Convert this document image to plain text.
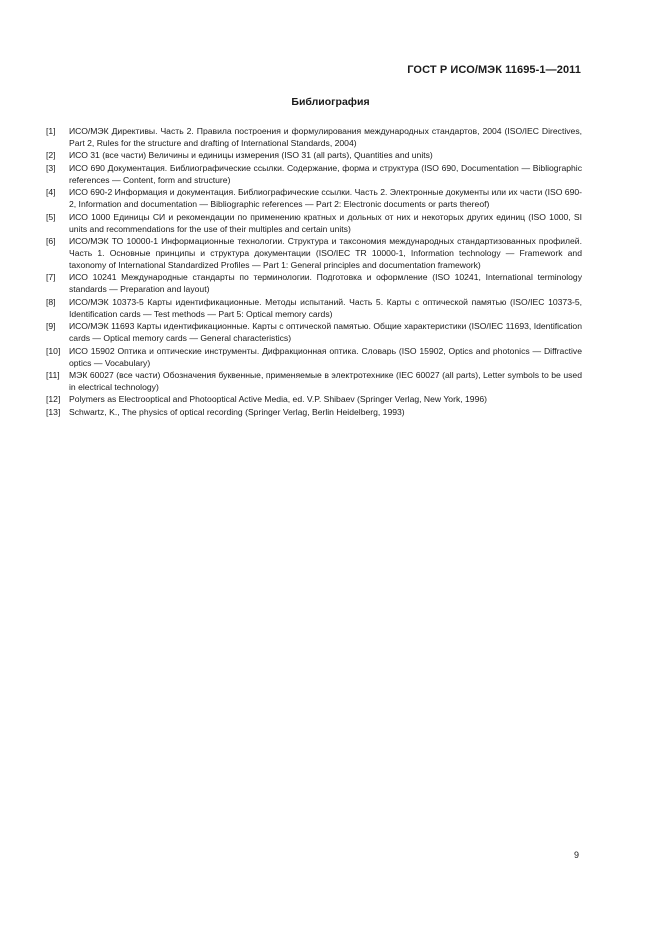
ГОСТ Р ИСО/МЭК 11695-1—2011
Библиография
[1]	ИСО/МЭК Директивы. Часть 2. Правила построения и формулирования международных стандартов, 2004 (ISO/IEC Directives, Part 2, Rules for the structure and drafting of International Standards, 2004)
[2]	ИСО 31 (все части) Величины и единицы измерения (ISO 31 (all parts), Quantities and units)
[3]	ИСО 690 Документация. Библиографические ссылки. Содержание, форма и структура (ISO 690, Documentation — Bibliographic references — Content, form and structure)
[4]	ИСО 690-2 Информация и документация. Библиографические ссылки. Часть 2. Электронные документы или их части (ISO 690-2, Information and documentation — Bibliographic references — Part 2: Electronic documents or parts thereof)
[5]	ИСО 1000 Единицы СИ и рекомендации по применению кратных и дольных от них и некоторых других единиц (ISO 1000, SI units and recommendations for the use of their multiples and certain units)
[6]	ИСО/МЭК ТО 10000-1 Информационные технологии. Структура и таксономия международных стандартизованных профилей. Часть 1. Основные принципы и структура документации (ISO/IEC TR 10000-1, Information technology — Framework and taxonomy of International Standardized Profiles — Part 1: General principles and documentation framework)
[7]	ИСО 10241 Международные стандарты по терминологии. Подготовка и оформление (ISO 10241, International terminology standards — Preparation and layout)
[8]	ИСО/МЭК 10373-5 Карты идентификационные. Методы испытаний. Часть 5. Карты с оптической памятью (ISO/IEC 10373-5, Identification cards — Test methods — Part 5: Optical memory cards)
[9]	ИСО/МЭК 11693 Карты идентификационные. Карты с оптической памятью. Общие характеристики (ISO/IEC 11693, Identification cards — Optical memory cards — General characteristics)
[10]	ИСО 15902 Оптика и оптические инструменты. Дифракционная оптика. Словарь (ISO 15902, Optics and photonics — Diffractive optics — Vocabulary)
[11]	МЭК 60027 (все части) Обозначения буквенные, применяемые в электротехнике (IEC 60027 (all parts), Letter symbols to be used in electrical technology)
[12]	Polymers as Electrooptical and Photooptical Active Media, ed. V.P. Shibaev (Springer Verlag, New York, 1996)
[13]	Schwartz, K., The physics of optical recording (Springer Verlag, Berlin Heidelberg, 1993)
9
